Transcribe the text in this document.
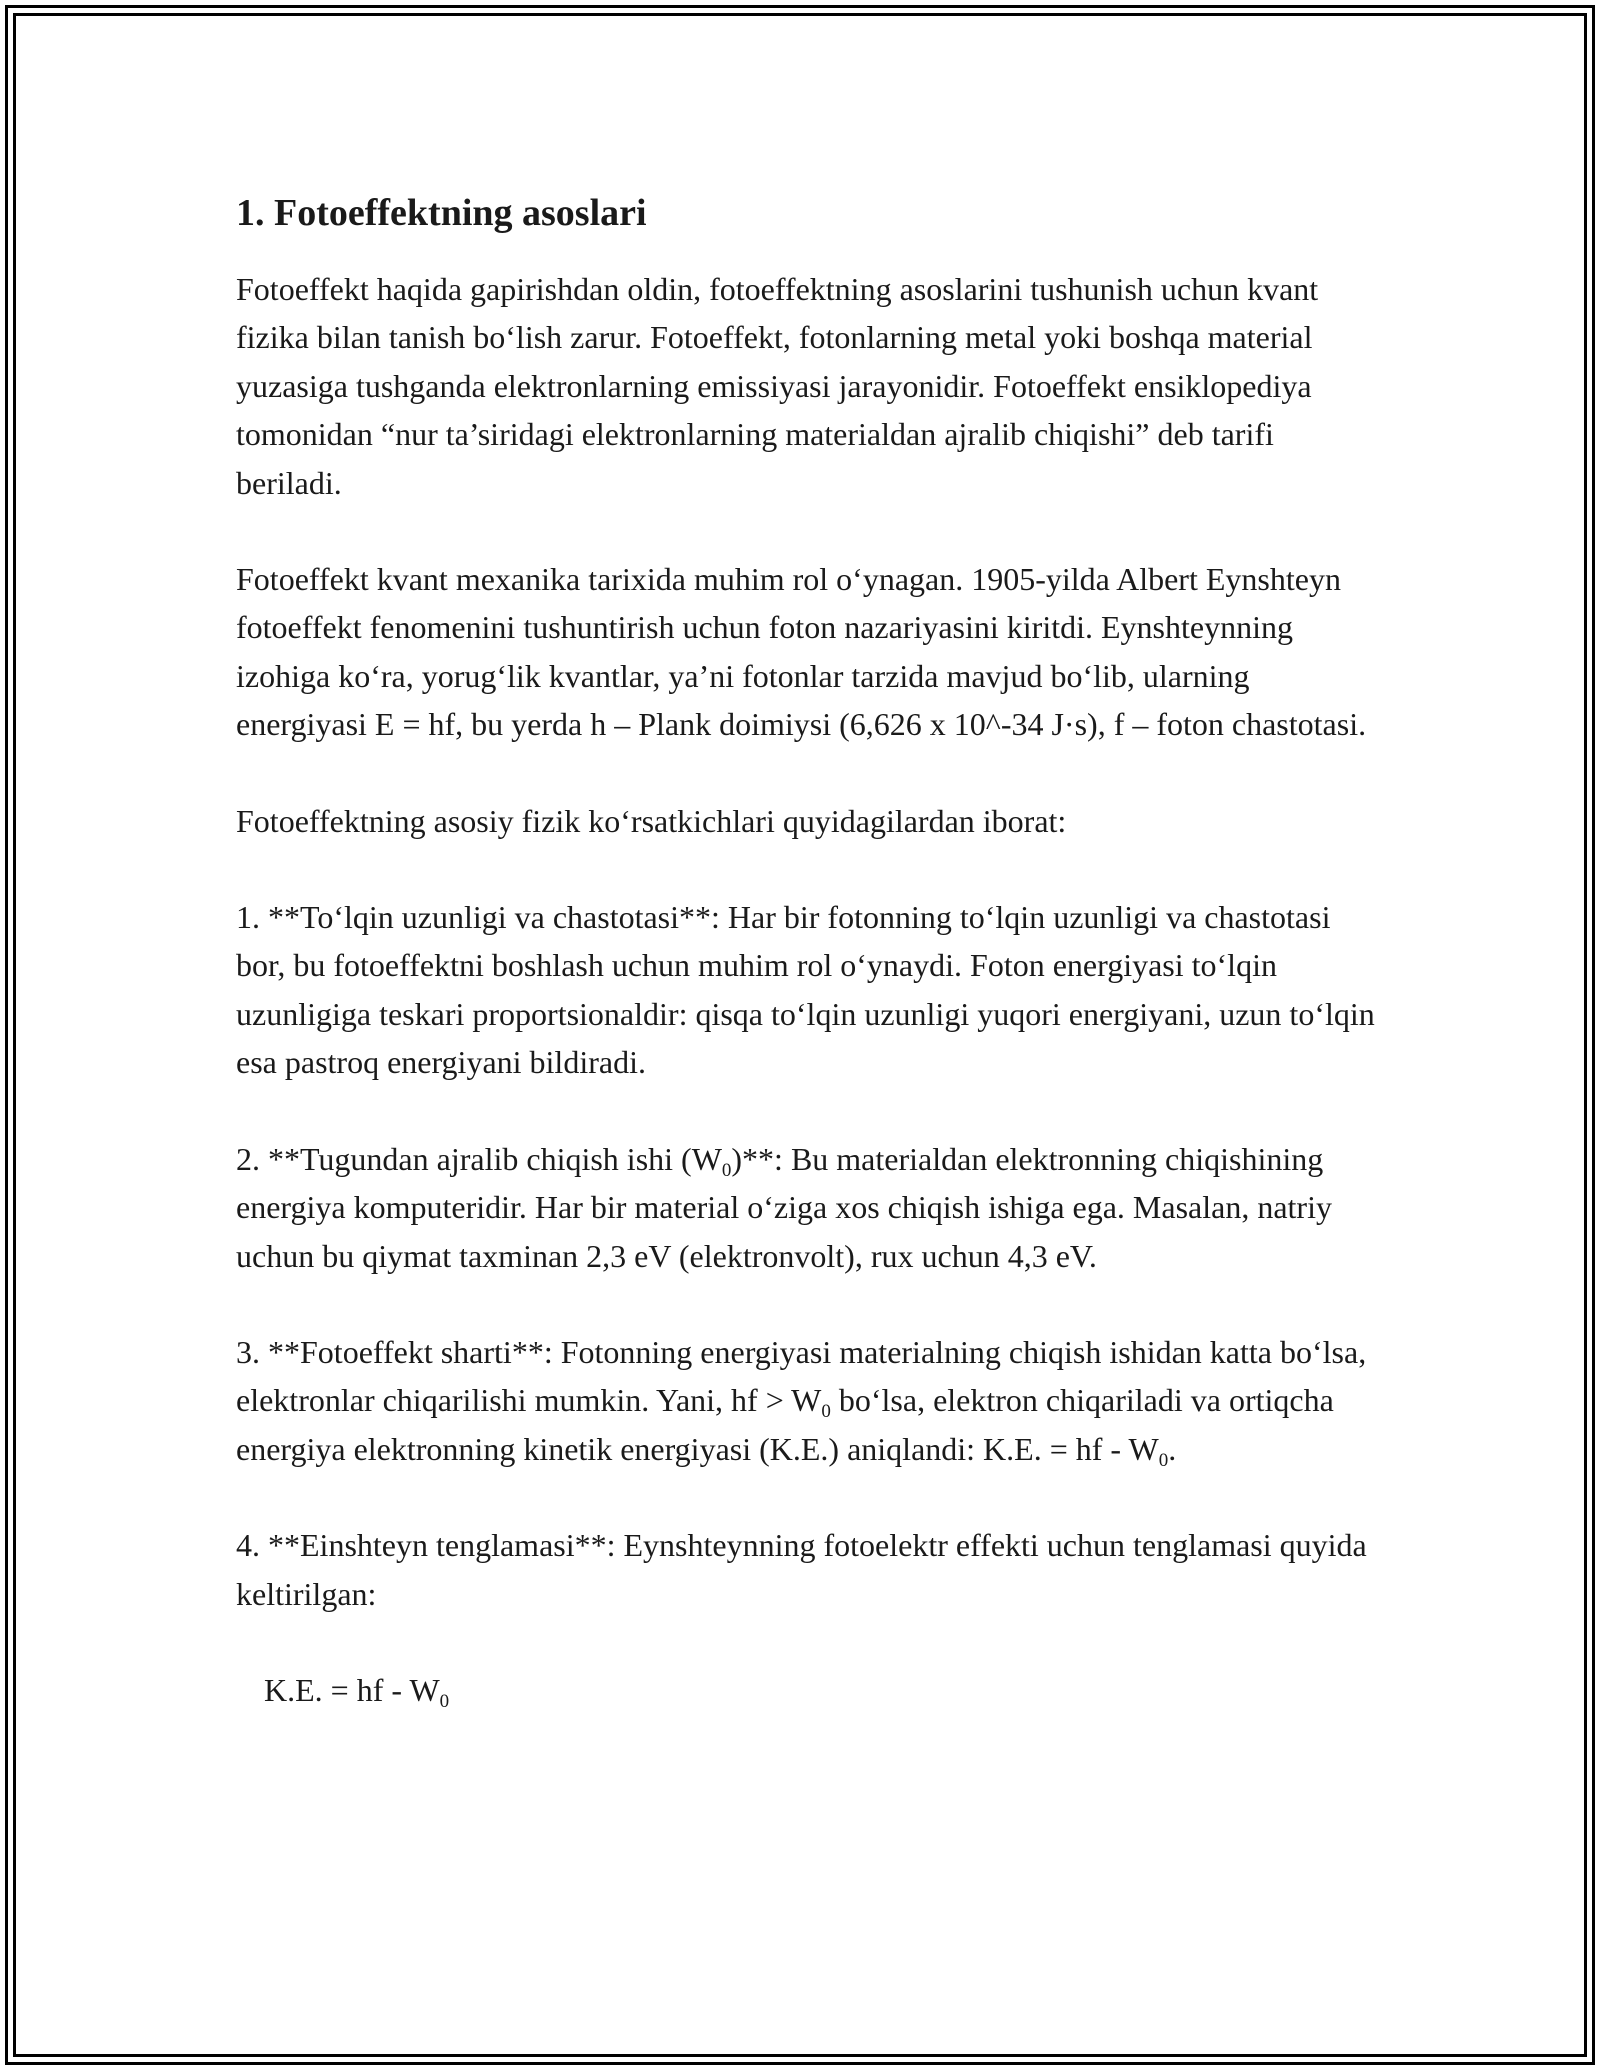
1. Fotoeffektning asoslari

Fotoeffekt haqida gapirishdan oldin, fotoeffektning asoslarini tushunish uchun kvant fizika bilan tanish bo‘lish zarur. Fotoeffekt, fotonlarning metal yoki boshqa material yuzasiga tushganda elektronlarning emissiyasi jarayonidir. Fotoeffekt ensiklopediya tomonidan “nur ta’siridagi elektronlarning materialdan ajralib chiqishi” deb tarifi beriladi.

Fotoeffekt kvant mexanika tarixida muhim rol o‘ynagan. 1905-yilda Albert Eynshteyn fotoeffekt fenomenini tushuntirish uchun foton nazariyasini kiritdi. Eynshteynning izohiga ko‘ra, yorug‘lik kvantlar, ya’ni fotonlar tarzida mavjud bo‘lib, ularning energiyasi E = hf, bu yerda h – Plank doimiysi (6,626 x 10^-34 J·s), f – foton chastotasi.

Fotoeffektning asosiy fizik ko‘rsatkichlari quyidagilardan iborat:

1. **To‘lqin uzunligi va chastotasi**: Har bir fotonning to‘lqin uzunligi va chastotasi bor, bu fotoeffektni boshlash uchun muhim rol o‘ynaydi. Foton energiyasi to‘lqin uzunligiga teskari proportsionaldir: qisqa to‘lqin uzunligi yuqori energiyani, uzun to‘lqin esa pastroq energiyani bildiradi.

2. **Tugundan ajralib chiqish ishi $(W_0)**$: Bu materialdan elektronning chiqishining energiya komputeridir. Har bir material o‘ziga xos chiqish ishiga ega. Masalan, natriy uchun bu qiymat taxminan 2,3 eV (elektronvolt), rux uchun 4,3 eV.

3. **Fotoeffekt sharti**: Fotonning energiyasi materialning chiqish ishidan katta bo‘lsa, elektronlar chiqarilishi mumkin. Yani, hf > $W_0$ bo‘lsa, elektron chiqariladi va ortiqcha energiya elektronning kinetik energiyasi (K.E.) aniqlandi: K.E. = hf - $W_0$.

4. **Einshteyn tenglamasi**: Eynshteynning fotoelektr effekti uchun tenglamasi quyida keltirilgan:

K.E. = hf - $W_0$
